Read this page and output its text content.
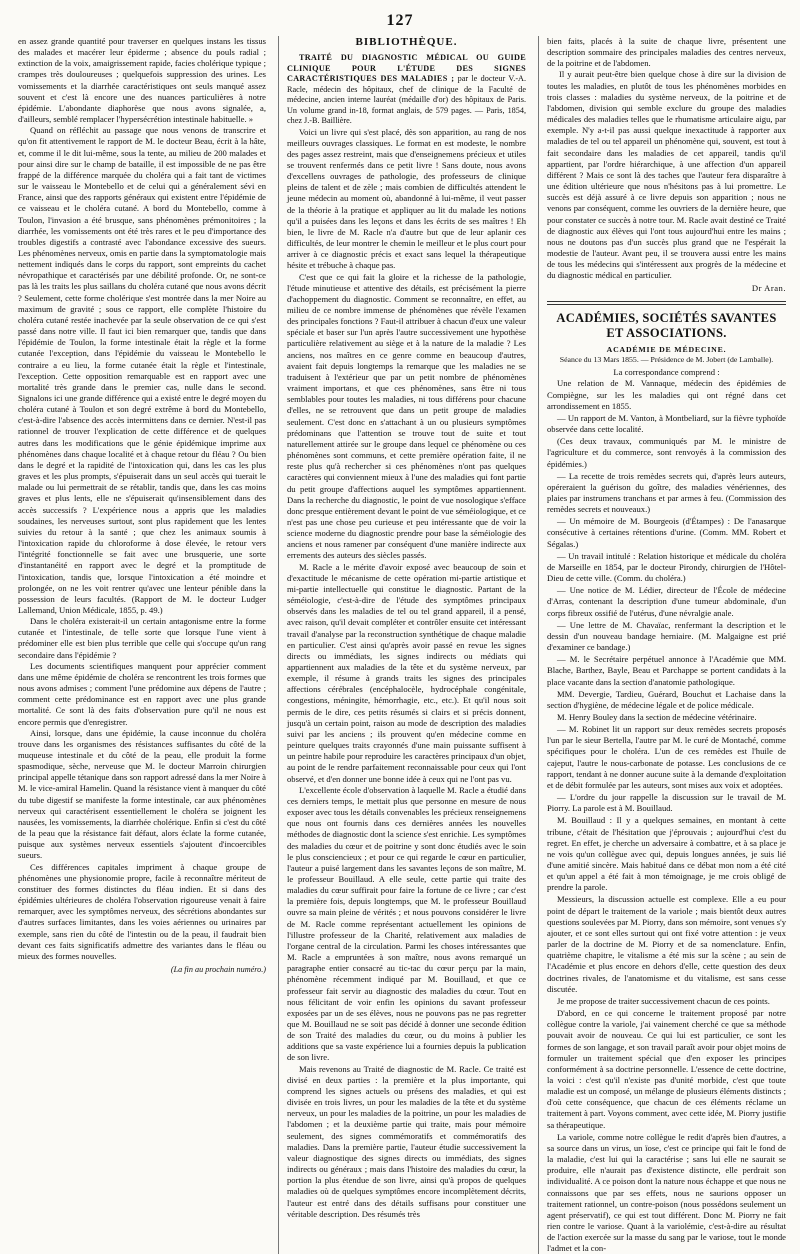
127

en assez grande quantité pour traverser en quelques instans les tissus des malades et macérer leur épiderme ; absence du pouls radial ; extinction de la voix, amaigrissement rapide, facies cholérique typique ; crampes très douloureuses ; quelquefois suppression des urines. Les vomissements et la diarrhée caractéristiques ont seuls manqué assez souvent et c'est là encore une des nuances particulières à notre épidémie. L'abondante diaphorèse que nous avons signalée, a, d'ailleurs, semblé remplacer l'hypersécrétion intestinale habituelle. »

Quand on réfléchit au passage que nous venons de transcrire et qu'on fit attentivement le rapport de M. le docteur Beau, écrit à la hâte, et, comme il le dit lui-même, sous la tente, au milieu de 200 malades et pour ainsi dire sur le champ de bataille, il est impossible de ne pas être frappé de la différence marquée du choléra qui a fait tant de victimes sur le vaisseau le Montebello et de celui qui a généralement sévi en France, ainsi que des rapports généraux qui existent entre l'épidémie de ce vaisseau et le choléra cutané. A bord du Montebello, comme à Toulon, l'invasion a été brusque, sans phénomènes prémonitoires ; la diarrhée, les vomissements ont été très rares et le peu d'importance des troubles digestifs a contrasté avec l'abondance excessive des sueurs. Les phénomènes nerveux, omis en partie dans la symptomatologie mais nettement indiqués dans le corps du rapport, sont empreints du cachet névropathique et caractérisés par une débilité profonde. Or, ne sont-ce pas là les traits les plus saillans du choléra cutané que nous avons décrit ? Seulement, cette forme cholérique s'est montrée dans la mer Noire au maximum de gravité ; sous ce rapport, elle complète l'histoire du choléra cutané restée inachevée par la seule observation de ce qui s'est passé dans notre ville. Il faut ici bien remarquer que, tandis que dans l'épidémie de Toulon, la forme intestinale était la règle et la forme cutanée l'exception, dans l'épidémie du vaisseau le Montebello le contraire a eu lieu, la forme cutanée était la règle et l'intestinale, l'exception. Cette opposition remarquable est en rapport avec une mortalité très grande dans le premier cas, nulle dans le second. Signalons ici une grande différence qui a existé entre le degré moyen du choléra cutané à Toulon et son degré extrême à bord du Montebello, c'est-à-dire l'absence des accès intermittens dans ce dernier. N'est-il pas rationnel de trouver l'explication de cette différence et de quelques autres dans les modifications que le génie épidémique imprime aux phénomènes dans chaque localité et à chaque retour du fléau ? Ou bien dans le degré et la rapidité de l'intoxication qui, dans les cas les plus graves et les plus prompts, s'épuiserait dans un seul accès qui tuerait le malade ou lui permettrait de se rétablir, tandis que, dans les cas moins graves et plus lents, elle ne s'épuiserait qu'insensiblement dans des accès successifs ? L'expérience nous a appris que les maladies soudaines, les nerveuses surtout, sont plus rapidement que les lentes suivies du retour à la santé ; que chez les animaux soumis à l'intoxication rapide du chloroforme à dose élevée, le retour vers l'intégrité fonctionnelle se fait avec une brusquerie, une sorte d'instantanéité en rapport avec le degré et la promptitude de l'intoxication, tandis que, lorsque l'intoxication a été moindre et prolongée, on ne les voit rentrer qu'avec une lenteur pénible dans la possession de leurs facultés. (Rapport de M. le docteur Ludger Lallemand, Union Médicale, 1855, p. 49.)

Dans le choléra existerait-il un certain antagonisme entre la forme cutanée et l'intestinale, de telle sorte que lorsque l'une vient à prédominer elle est bien plus terrible que celle qui s'occupe qu'un rang secondaire dans l'épidémie ?

Les documents scientifiques manquent pour apprécier comment dans une même épidémie de choléra se rencontrent les trois formes que nous avons admises ; comment l'une prédomine aux dépens de l'autre ; comment cette prédominance est en rapport avec une plus grande mortalité. Ce sont là des faits d'observation pure qu'il ne nous est encore permis que d'enregistrer.

Ainsi, lorsque, dans une épidémie, la cause inconnue du choléra trouve dans les organismes des résistances suffisantes du côté de la muqueuse intestinale et du côté de la peau, elle produit la forme spasmodique, sèche, nerveuse que M. le docteur Marroin chirurgien principal appelle tétanique dans son rapport adressé dans la mer Noire à M. le vice-amiral Hamelin. Quand la résistance vient à manquer du côté du tube digestif se manifeste la forme intestinale, car aux phénomènes nerveux qui caractérisent essentiellement le choléra se joignent les nausées, les vomissements, la diarrhée cholérique. Enfin si c'est du côté de la peau que la résistance fait défaut, alors éclate la forme cutanée, puisque aux systèmes nerveux essentiels s'ajoutent d'incoercibles sueurs.

Ces différences capitales impriment à chaque groupe de phénomènes une physionomie propre, facile à reconnaître mériteut de constituer des formes distinctes du fléau indien. Et si dans des épidémies ultérieures de choléra l'observation rigoureuse venait à faire remarquer, avec les symptômes nerveux, des sécrétions abondantes sur d'autres surfaces limitantes, dans les voies aériennes ou urinaires par exemple, sans rien du côté de l'intestin ou de la peau, il faudrait bien devant ces faits significatifs admettre des variantes dans le fléau ou mieux des formes nouvelles.

(La fin au prochain numéro.)
BIBLIOTHÈQUE.

TRAITÉ DU DIAGNOSTIC MÉDICAL OU GUIDE CLINIQUE POUR L'ÉTUDE DES SIGNES CARACTÉRISTIQUES DES MALADIES ; par le docteur V.-A. Racle, médecin des hôpitaux, chef de clinique de la Faculté de médecine, ancien interne lauréat (médaille d'or) des hôpitaux de Paris. Un volume grand in-18, format anglais, de 579 pages. — Paris, 1854, chez J.-B. Baillière.

Voici un livre qui s'est placé, dès son apparition, au rang de nos meilleurs ouvrages classiques. Le format en est modeste, le nombre des pages assez restreint, mais que d'enseignemens précieux et utiles se trouvent renfermés dans ce petit livre ! Sans doute, nous avons d'excellens ouvrages de pathologie, des professeurs de clinique pleins de talent et de zèle ; mais combien de difficultés attendent le jeune médecin au moment où, abandonné à lui-même, il veut passer de la théorie à la pratique et appliquer au lit du malade les notions qu'il a puisées dans les leçons et dans les écrits de ses maîtres ! Eh bien, le livre de M. Racle n'a d'autre but que de leur aplanir ces difficultés, de leur montrer le chemin le meilleur et le plus court pour arriver à ce diagnostic précis et exact sans lequel la thérapeutique hésite et trébuche à chaque pas.

C'est que ce qui fait la gloire et la richesse de la pathologie, l'étude minutieuse et attentive des détails, est précisément la pierre d'achoppement du diagnostic. Comment se reconnaître, en effet, au milieu de ce nombre immense de phénomènes que révèle l'examen des principales fonctions ? Faut-il attribuer à chacun d'eux une valeur spéciale et baser sur l'un après l'autre successivement une hypothèse particulière relativement au siège et à la nature de la maladie ? Les anciens, nos maîtres en ce genre comme en beaucoup d'autres, avaient fait depuis longtemps la remarque que les maladies ne se traduisent à l'extérieur que par un petit nombre de phénomènes vraiment importans, et que ces phénomènes, sans être ni tous semblables pour toutes les maladies, ni tous différens pour chacune d'elles, ne se retrouvent que dans un petit groupe de maladies seulement. C'est donc en s'attachant à un ou plusieurs symptômes prédominans que l'attention se trouve tout de suite et tout naturellement attirée sur le groupe dans lequel ce phénomène ou ces phénomènes sont communs, et cette première opération faite, il ne reste plus qu'à rechercher si ces phénomènes n'ont pas quelques caractères qui conviennent mieux à l'une des maladies qui font partie du petit groupe d'affections auquel les symptômes appartiennent. Dans la recherche du diagnostic, le point de vue nosologique s'efface donc presque entièrement devant le point de vue séméiologique, et ce n'est pas une chose peu curieuse et peu intéressante que de voir la science moderne du diagnostic prendre pour base la séméiologie des anciens et nous ramener par conséquent d'une manière indirecte aux errements des auteurs des siècles passés.

M. Racle a le mérite d'avoir exposé avec beaucoup de soin et d'exactitude le mécanisme de cette opération mi-partie artistique et mi-partie intellectuelle qui constitue le diagnostic. Partant de la séméiologie, c'est-à-dire de l'étude des symptômes principaux observés dans les maladies de tel ou tel grand appareil, il a pensé, avec raison, qu'il devait compléter et contrôler ensuite cet intéressant travail d'analyse par la reconstruction synthétique de chaque maladie en particulier. C'est ainsi qu'après avoir passé en revue les signes directs ou immédiats, les signes indirects ou médiats qui appartiennent aux maladies de la tête et du système nerveux, par exemple, il résume à grands traits les signes des principales affections cérébrales (encéphalocèle, hydrocéphale congénitale, congestions, méningite, hémorrhagie, etc., etc.). Et qu'il nous soit permis de le dire, ces petits résumés si clairs et si précis donnent, jusqu'à un certain point, raison au mode de description des maladies suivi par les anciens ; ils prouvent qu'en médecine comme en peinture quelques traits crayonnés d'une main puissante suffisent à un peintre habile pour reproduire les caractères principaux d'un objet, au point de le rendre parfaitement reconnaissable pour ceux qui l'ont observé, et d'en donner une bonne idée à ceux qui ne l'ont pas vu.

L'excellente école d'observation à laquelle M. Racle a étudié dans ces derniers temps, le mettait plus que personne en mesure de nous exposer avec tous les détails convenables les précieux renseignemens que nous ont fournis dans ces dernières années les nouvelles méthodes de diagnostic dont la science s'est enrichie. Les symptômes des maladies du cœur et de poitrine y sont donc étudiés avec le soin le plus consciencieux ; et pour ce qui regarde le cœur en particulier, l'auteur a puisé largement dans les savantes leçons de son maître, M. le professeur Bouillaud. A elle seule, cette partie qui traite des maladies du cœur suffirait pour faire la fortune de ce livre ; car c'est la première fois, depuis longtemps, que M. le professeur Bouillaud ouvre sa main pleine de vérités ; et nous pouvons considérer le livre de M. Racle comme représentant actuellement les opinions de l'illustre professeur de la Charité, relativement aux maladies de l'organe central de la circulation. Parmi les choses intéressantes que M. Racle a empruntées à son maître, nous avons remarqué un paragraphe entier consacré au tic-tac du cœur perçu par la main, phénomène récemment indiqué par M. Bouillaud, et que ce professeur fait servir au diagnostic des maladies du cœur. Tout en nous félicitant de voir enfin les opinions du savant professeur exposées par un de ses élèves, nous ne pouvons pas ne pas regretter que M. Bouillaud ne se soit pas décidé à donner une seconde édition de son Traité des maladies du cœur, ou du moins à publier les additions que sa vaste expérience lui a fournies depuis la publication de son livre.

Mais revenons au Traité de diagnostic de M. Racle. Ce traité est divisé en deux parties : la première et la plus importante, qui comprend les signes actuels ou présens des maladies, et qui est divisée en trois livres, un pour les maladies de la tête et du système nerveux, un pour les maladies de la poitrine, un pour les maladies de l'abdomen ; et la deuxième partie qui traite, mais pour mémoire seulement, des signes commémoratifs et commémoratifs des maladies. Dans la première partie, l'auteur étudie successivement la valeur diagnostique des signes directs ou immédiats, des signes indirects ou généraux ; mais dans l'histoire des maladies du cœur, la portion la plus étendue de son livre, ainsi qu'à propos de quelques maladies où de quelques symptômes encore incomplètement décrits, l'auteur est entré dans des détails suffisans pour constituer une véritable description. Des résumés très

bien faits, placés à la suite de chaque livre, présentent une description sommaire des principales maladies des centres nerveux, de la poitrine et de l'abdomen.

Il y aurait peut-être bien quelque chose à dire sur la division de toutes les maladies, en plutôt de tous les phénomènes morbides en trois classes : maladies du système nerveux, de la poitrine et de l'abdomen, division qui semble exclure du groupe des maladies médicales des maladies telles que le rhumatisme articulaire aigu, par exemple. N'y a-t-il pas aussi quelque inexactitude à rapporter aux maladies de tel ou tel appareil un phénomène qui, souvent, est tout à fait secondaire dans les maladies de cet appareil, tandis qu'il appartient, par l'ordre hiérarchique, à une affection d'un appareil différent ? Mais ce sont là des taches que l'auteur fera disparaître à une édition ultérieure que nous n'hésitons pas à lui promettre. Le succès est déjà assuré à ce livre depuis son apparition ; nous ne venons par conséquent, comme les ouvriers de la dernière heure, que pour constater ce succès à notre tour. M. Racle avait destiné ce Traité de diagnostic aux élèves qui l'ont tous aujourd'hui entre les mains ; nous ne doutons pas d'un succès plus grand que ne l'espérait la modestie de l'auteur. Avant peu, il se trouvera aussi entre les mains de tous les médecins qui s'intéressent aux progrès de la médecine et du diagnostic médical en particulier.

Dr Aran.
ACADÉMIES, SOCIÉTÉS SAVANTES ET ASSOCIATIONS.
ACADÉMIE DE MÉDECINE.
Séance du 13 Mars 1855. — Présidence de M. Jobert (de Lamballe).
La correspondance comprend :

Une relation de M. Vannaque, médecin des épidémies de Compiègne, sur les les maladies qui ont régné dans cet arrondissement en 1855.

— Un rapport de M. Vanton, à Montbeliard, sur la fièvre typhoïde observée dans cette localité.

(Ces deux travaux, communiqués par M. le ministre de l'agriculture et du commerce, sont renvoyés à la commission des épidémies.)

— La recette de trois remèdes secrets qui, d'après leurs auteurs, opéreraient la guérison du goître, des maladies vénériennes, des plaies par instrumens tranchans et par armes à feu. (Commission des remèdes secrets et nouveaux.)

— Un mémoire de M. Bourgeois (d'Étampes) : De l'anasarque consécutive à certaines rétentions d'urine. (Comm. MM. Robert et Ségalas.)

— Un travail intitulé : Relation historique et médicale du choléra de Marseille en 1854, par le docteur Pirondy, chirurgien de l'Hôtel-Dieu de cette ville. (Comm. du choléra.)

— Une notice de M. Lédier, directeur de l'École de médecine d'Arras, contenant la description d'une tumeur abdominale, d'un corps fibreux ossifié de l'utérus, d'une névralgie anale.

— Une lettre de M. Chavaïac, renfermant la description et le dessin d'un nouveau bandage herniaire. (M. Malgaigne est prié d'examiner ce bandage.)

— M. le Secrétaire perpétuel annonce à l'Académie que MM. Blache, Barthez, Bayle, Beau et Parchappe se portent candidats à la place vacante dans la section d'anatomie pathologique.

MM. Devergie, Tardieu, Guérard, Bouchut et Lachaise dans la section d'hygiène, de médecine légale et de police médicale.

M. Henry Bouley dans la section de médecine vétérinaire.

— M. Robinet lit un rapport sur deux remèdes secrets proposés l'un par le sieur Bertella, l'autre par M. le curé de Montaché, comme spécifiques pour le choléra. L'un de ces remèdes est l'huile de cajeput, l'autre le nous-carbonate de potasse. Les conclusions de ce rapport, tendant à ne donner aucune suite à la demande d'exploitation et de débit formulée par les auteurs, sont mises aux voix et adoptées.

— L'ordre du jour rappelle la discussion sur le travail de M. Piorry. La parole est à M. Bouillaud.

M. Bouillaud : Il y a quelques semaines, en montant à cette tribune, c'était de l'hésitation que j'éprouvais ; aujourd'hui c'est du regret. En effet, je cherche un adversaire à combattre, et à sa place je ne vois qu'un collègue avec qui, depuis longues années, je suis lié d'une amitié sincère. Mais habitué dans ce débat mon nom a été cité et qu'un appel a été fait à mon témoignage, je me crois obligé de prendre la parole.

Messieurs, la discussion actuelle est complexe. Elle a eu pour point de départ le traitement de la variole ; mais bientôt deux autres questions soulevées par M. Piorry, dans son mémoire, sont venues s'y ajouter, et ce sont elles surtout qui ont fixé votre attention : je veux parler de la doctrine de M. Piorry et de sa nomenclature. Enfin, quatrième chapitre, le vitalisme a été mis sur la scène ; au sein de l'Académie et plus encore en dehors d'elle, cette question des deux doctrines rivales, de l'anatomisme et du vitalisme, est sans cesse discutée.

Je me propose de traiter successivement chacun de ces points.

D'abord, en ce qui concerne le traitement proposé par notre collègue contre la variole, j'ai vainement cherché ce que sa méthode pouvait avoir de nouveau. Ce qui lui est particulier, ce sont les formes de son langage, et son travail paraît avoir pour objet moins de formuler un traitement spécial que d'en exposer les principes conformément à sa doctrine personnelle. L'essence de cette doctrine, la voici : c'est qu'il n'existe pas d'unité morbide, c'est que toute maladie est un composé, un mélange de plusieurs éléments distincts ; d'où cette conséquence, que chacun de ces éléments réclame un traitement à part. Voyons comment, avec cette idée, M. Piorry justifie sa thérapeutique.

La variole, comme notre collègue le redit d'après bien d'autres, a sa source dans un virus, un ïose, c'est ce principe qui fait le fond de la maladie, c'est lui qui la caractérise ; sans lui elle ne saurait se produire, elle n'aurait pas d'existence distincte, elle perdrait son individualité. A ce poison dont la nature nous échappe et que nous ne connaissons que par ses effets, nous ne saurions opposer un traitement rationnel, un contre-poison (nous possédons seulement un agent préservatif), ce qui est tout différent. Donc M. Piorry ne fait rien contre le variose. Quant à la variolémie, c'est-à-dire au résultat de l'action exercée sur la masse du sang par le variose, tout le monde l'admet et la con-
